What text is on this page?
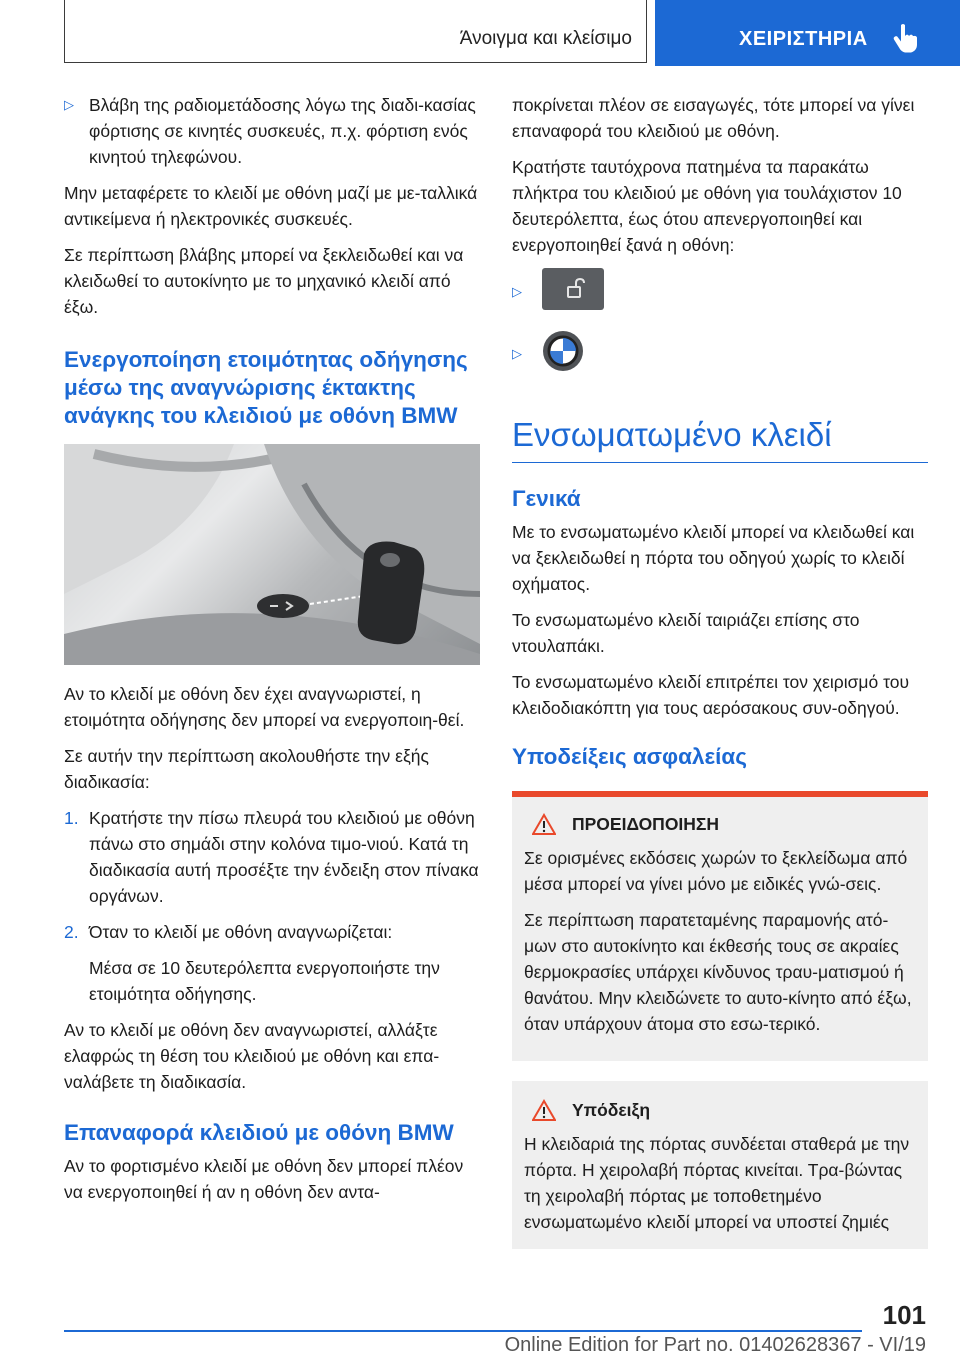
Άνοιγμα και κλείσιμο	ΧΕΙΡΙΣΤΗΡΙΑ
▷ Βλάβη της ραδιομετάδοσης λόγω της διαδι-κασίας φόρτισης σε κινητές συσκευές, π.χ. φόρτιση ενός κινητού τηλεφώνου.

Μην μεταφέρετε το κλειδί με οθόνη μαζί με με-ταλλικά αντικείμενα ή ηλεκτρονικές συσκευές.

Σε περίπτωση βλάβης μπορεί να ξεκλειδωθεί και να κλειδωθεί το αυτοκίνητο με το μηχανικό κλειδί από έξω.

Ενεργοποίηση ετοιμότητας οδήγησης μέσω της αναγνώρισης έκτακτης ανάγκης του κλειδιού με οθόνη BMW

Αν το κλειδί με οθόνη δεν έχει αναγνωριστεί, η ετοιμότητα οδήγησης δεν μπορεί να ενεργοποιη-θεί.

Σε αυτήν την περίπτωση ακολουθήστε την εξής διαδικασία:

1. Κρατήστε την πίσω πλευρά του κλειδιού με οθόνη πάνω στο σημάδι στην κολόνα τιμο-νιού. Κατά τη διαδικασία αυτή προσέξτε την ένδειξη στον πίνακα οργάνων.
2. Όταν το κλειδί με οθόνη αναγνωρίζεται:

Μέσα σε 10 δευτερόλεπτα ενεργοποιήστε την ετοιμότητα οδήγησης.

Αν το κλειδί με οθόνη δεν αναγνωριστεί, αλλάξτε ελαφρώς τη θέση του κλειδιού με οθόνη και επα-ναλάβετε τη διαδικασία.

Επαναφορά κλειδιού με οθόνη BMW

Αν το φορτισμένο κλειδί με οθόνη δεν μπορεί πλέον να ενεργοποιηθεί ή αν η οθόνη δεν αντα-

ποκρίνεται πλέον σε εισαγωγές, τότε μπορεί να γίνει επαναφορά του κλειδιού με οθόνη.

Κρατήστε ταυτόχρονα πατημένα τα παρακάτω πλήκτρα του κλειδιού με οθόνη για τουλάχιστον 10 δευτερόλεπτα, έως ότου απενεργοποιηθεί και ενεργοποιηθεί ξανά η οθόνη:

▷
▷
Ενσωματωμένο κλειδί
Γενικά

Με το ενσωματωμένο κλειδί μπορεί να κλειδωθεί και να ξεκλειδωθεί η πόρτα του οδηγού χωρίς το κλειδί οχήματος.

Το ενσωματωμένο κλειδί ταιριάζει επίσης στο ντουλαπάκι.

Το ενσωματωμένο κλειδί επιτρέπει τον χειρισμό του κλειδοδιακόπτη για τους αερόσακους συν-οδηγού.

Υποδείξεις ασφαλείας
ΠΡΟΕΙΔΟΠΟΙΗΣΗ

Σε ορισμένες εκδόσεις χωρών το ξεκλείδωμα από μέσα μπορεί να γίνει μόνο με ειδικές γνώ-σεις.

Σε περίπτωση παρατεταμένης παραμονής ατό-μων στο αυτοκίνητο και έκθεσής τους σε ακραίες θερμοκρασίες υπάρχει κίνδυνος τραυ-ματισμού ή θανάτου. Μην κλειδώνετε το αυτο-κίνητο από έξω, όταν υπάρχουν άτομα στο εσω-τερικό.

Υπόδειξη

Η κλειδαριά της πόρτας συνδέεται σταθερά με την πόρτα. Η χειρολαβή πόρτας κινείται. Τρα-βώντας τη χειρολαβή πόρτας με τοποθετημένο ενσωματωμένο κλειδί μπορεί να υποστεί ζημιές

101
Online Edition for Part no. 01402628367 - VI/19
